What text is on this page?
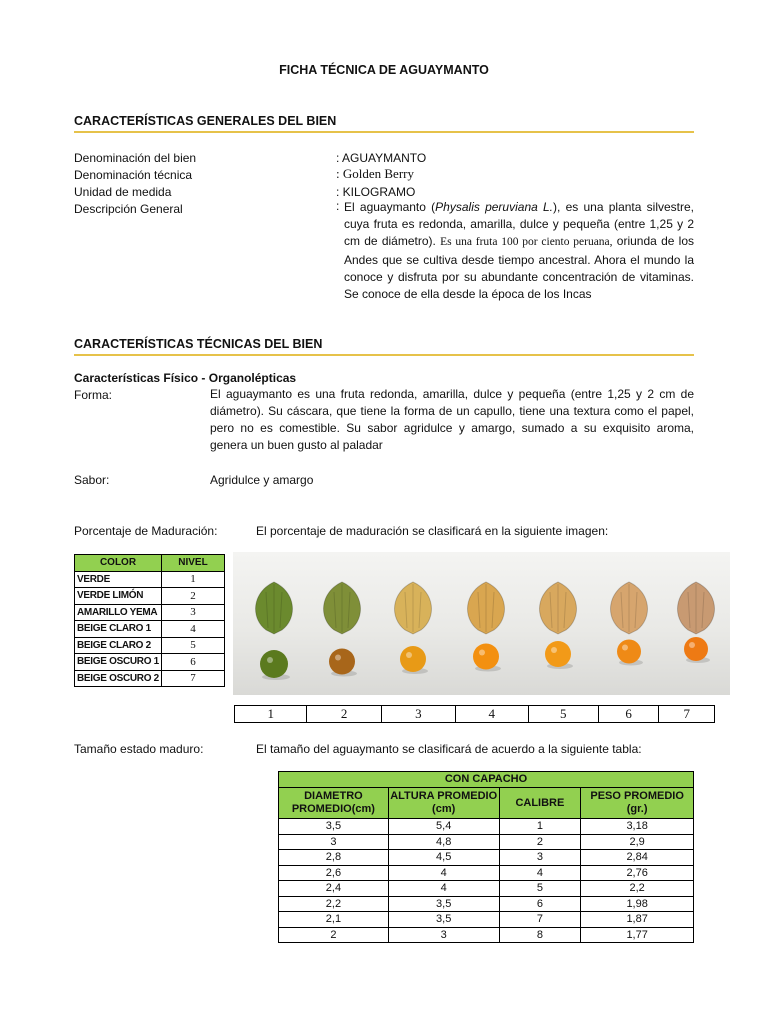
FICHA TÉCNICA DE AGUAYMANTO
CARACTERÍSTICAS GENERALES DEL BIEN
Denominación del bien	: AGUAYMANTO
Denominación técnica	: Golden Berry
Unidad de medida	: KILOGRAMO
Descripción General	: El aguaymanto (Physalis peruviana L.), es una planta silvestre, cuya fruta es redonda, amarilla, dulce y pequeña (entre 1,25 y 2 cm de diámetro). Es una fruta 100 por ciento peruana, oriunda de los Andes que se cultiva desde tiempo ancestral. Ahora el mundo la conoce y disfruta por su abundante concentración de vitaminas. Se conoce de ella desde la época de los Incas
CARACTERÍSTICAS TÉCNICAS DEL BIEN
Características Físico - Organolépticas
Forma:	El aguaymanto es una fruta redonda, amarilla, dulce y pequeña (entre 1,25 y 2 cm de diámetro). Su cáscara, que tiene la forma de un capullo, tiene una textura como el papel, pero no es comestible. Su sabor agridulce y amargo, sumado a su exquisito aroma, genera un buen gusto al paladar
Sabor:	Agridulce y amargo
Porcentaje de Maduración:	El porcentaje de maduración se clasificará en la siguiente imagen:
COLOR	NIVEL
VERDE	1
VERDE LIMÓN	2
AMARILLO YEMA	3
BEIGE CLARO 1	4
BEIGE CLARO 2	5
BEIGE OSCURO 1	6
BEIGE OSCURO 2	7
1	2	3	4	5	6	7
Tamaño estado maduro:	El tamaño del aguaymanto se clasificará de acuerdo a la siguiente tabla:
CON CAPACHO			
DIAMETRO PROMEDIO(cm)	ALTURA PROMEDIO (cm)	CALIBRE	PESO PROMEDIO (gr.)
3,5	5,4	1	3,18
3	4,8	2	2,9
2,8	4,5	3	2,84
2,6	4	4	2,76
2,4	4	5	2,2
2,2	3,5	6	1,98
2,1	3,5	7	1,87
2	3	8	1,77
